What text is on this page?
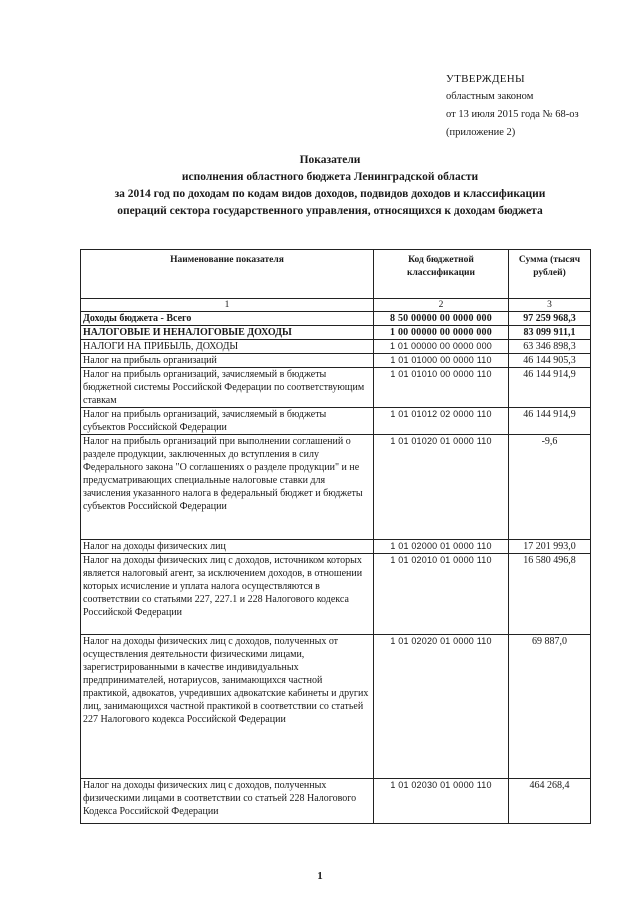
УТВЕРЖДЕНЫ
областным законом
от 13 июля 2015 года № 68-оз
(приложение 2)
Показатели
исполнения областного бюджета Ленинградской области
за 2014 год по доходам по кодам видов доходов, подвидов доходов и классификации
операций сектора государственного управления, относящихся к доходам бюджета
Наименование показателя	Код бюджетной классификации	Сумма (тысяч рублей)
1	2	3
Доходы бюджета - Всего	8 50 00000 00 0000 000	97 259 968,3
НАЛОГОВЫЕ И НЕНАЛОГОВЫЕ ДОХОДЫ	1 00 00000 00 0000 000	83 099 911,1
НАЛОГИ НА ПРИБЫЛЬ, ДОХОДЫ	1 01 00000 00 0000 000	63 346 898,3
Налог на прибыль организаций	1 01 01000 00 0000 110	46 144 905,3
Налог на прибыль организаций, зачисляемый в бюджеты бюджетной системы Российской Федерации по соответствующим ставкам	1 01 01010 00 0000 110	46 144 914,9
Налог на прибыль организаций, зачисляемый в бюджеты субъектов Российской Федерации	1 01 01012 02 0000 110	46 144 914,9
Налог на прибыль организаций при выполнении соглашений о разделе продукции, заключенных до вступления в силу Федерального закона "О соглашениях о разделе продукции" и не предусматривающих специальные налоговые ставки для зачисления указанного налога в федеральный бюджет и бюджеты субъектов Российской Федерации	1 01 01020 01 0000 110	-9,6
Налог на доходы физических лиц	1 01 02000 01 0000 110	17 201 993,0
Налог на доходы физических лиц с доходов, источником которых является налоговый агент, за исключением доходов, в отношении которых исчисление и уплата налога осуществляются в соответствии со статьями 227, 227.1 и 228 Налогового кодекса Российской Федерации	1 01 02010 01 0000 110	16 580 496,8
Налог на доходы физических лиц с доходов, полученных от осуществления деятельности физическими лицами, зарегистрированными в качестве индивидуальных предпринимателей, нотариусов, занимающихся частной практикой, адвокатов, учредивших адвокатские кабинеты и других лиц, занимающихся частной практикой в соответствии со статьей 227 Налогового кодекса Российской Федерации	1 01 02020 01 0000 110	69 887,0
Налог на доходы физических лиц с доходов, полученных физическими лицами в соответствии со статьей 228 Налогового Кодекса Российской Федерации	1 01 02030 01 0000 110	464 268,4
1
